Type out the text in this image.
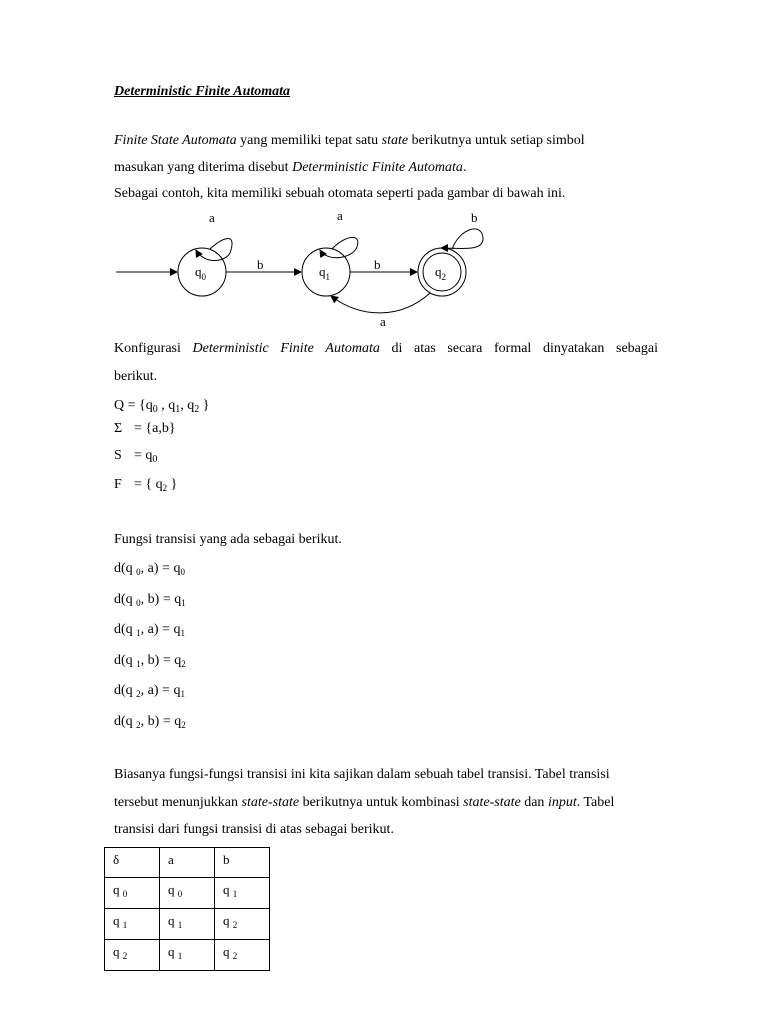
Deterministic Finite Automata
Finite State Automata yang memiliki tepat satu state berikutnya untuk setiap simbol
masukan yang diterima disebut Deterministic Finite Automata.
Sebagai contoh, kita memiliki sebuah otomata seperti pada gambar di bawah ini.
$q_0$	$q_1$	$q_2$
a	a	b
b	b
a
Konfigurasi Deterministic Finite Automata di atas secara formal dinyatakan sebagai
berikut.
$Q = \{q_0$ , $q_1$, $q_2$ }
Σ = {a,b}
$S = q_0$
F = { $q_2$ }
Fungsi transisi yang ada sebagai berikut.
d(q $_0$, $a) = q_0$
d(q $_0$, $b) = q_1$
d(q $_1$, $a) = q_1$
d(q $_1$, $b) = q_2$
d(q $_2$, $a) = q_1$
d(q $_2$, $b) = q_2$
Biasanya fungsi-fungsi transisi ini kita sajikan dalam sebuah tabel transisi. Tabel transisi
tersebut menunjukkan state-state berikutnya untuk kombinasi state-state dan input. Tabel
transisi dari fungsi transisi di atas sebagai berikut.
δ	a	b
q $_0$	q $_0$	q $_1$
q $_1$	q $_1$	q $_2$
q $_2$	q $_1$	q $_2$
